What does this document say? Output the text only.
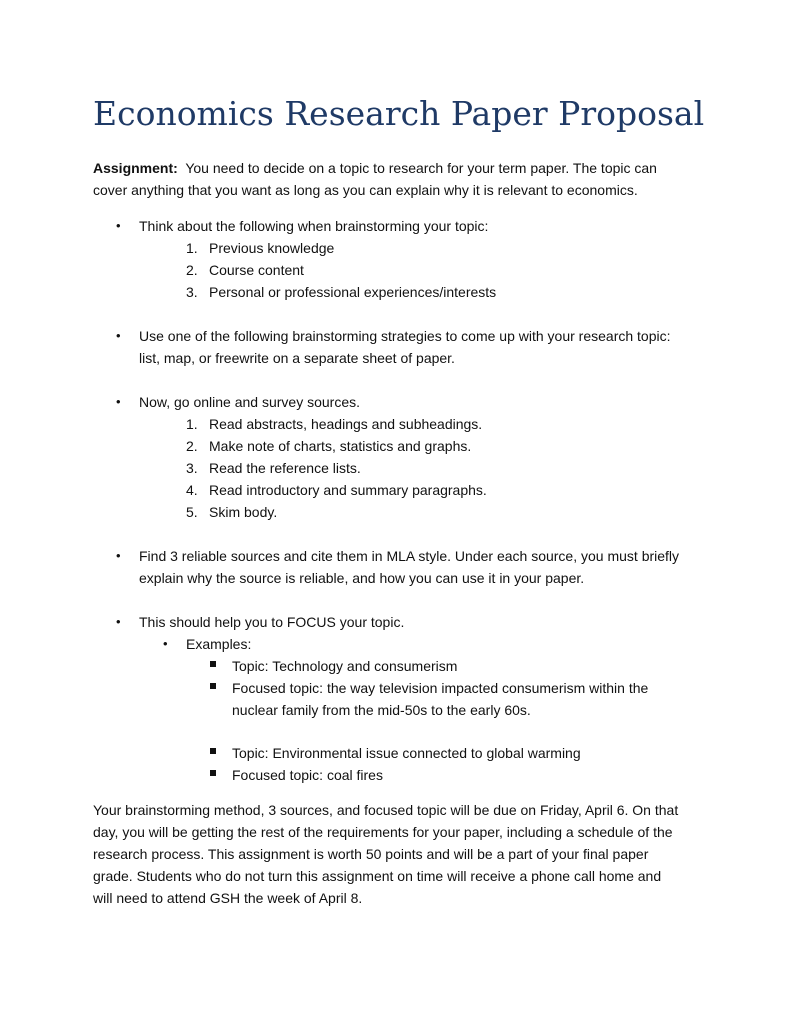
Economics Research Paper Proposal
Assignment: You need to decide on a topic to research for your term paper. The topic can
cover anything that you want as long as you can explain why it is relevant to economics.
• Think about the following when brainstorming your topic:
1. Previous knowledge
2. Course content
3. Personal or professional experiences/interests
• Use one of the following brainstorming strategies to come up with your research topic:
list, map, or freewrite on a separate sheet of paper.
• Now, go online and survey sources.
1. Read abstracts, headings and subheadings.
2. Make note of charts, statistics and graphs.
3. Read the reference lists.
4. Read introductory and summary paragraphs.
5. Skim body.
• Find 3 reliable sources and cite them in MLA style. Under each source, you must briefly
explain why the source is reliable, and how you can use it in your paper.
• This should help you to FOCUS your topic.
• Examples:
Topic: Technology and consumerism
Focused topic: the way television impacted consumerism within the
nuclear family from the mid-50s to the early 60s.
Topic: Environmental issue connected to global warming
Focused topic: coal fires
Your brainstorming method, 3 sources, and focused topic will be due on Friday, April 6. On that
day, you will be getting the rest of the requirements for your paper, including a schedule of the
research process. This assignment is worth 50 points and will be a part of your final paper
grade. Students who do not turn this assignment on time will receive a phone call home and
will need to attend GSH the week of April 8.
